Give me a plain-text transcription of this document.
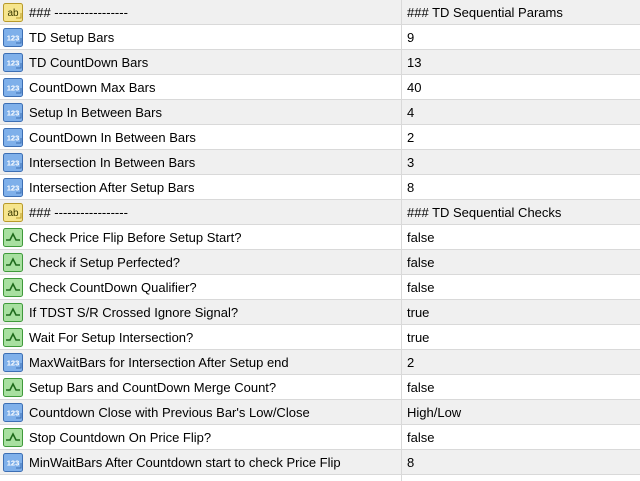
ab ### -----------------	### TD Sequential Params
123 TD Setup Bars	9
123 TD CountDown Bars	13
123 CountDown Max Bars	40
123 Setup In Between Bars	4
123 CountDown In Between Bars	2
123 Intersection In Between Bars	3
123 Intersection After Setup Bars	8
ab ### -----------------	### TD Sequential Checks
Check Price Flip Before Setup Start?	false
Check if Setup Perfected?	false
Check CountDown Qualifier?	false
If TDST S/R Crossed Ignore Signal?	true
Wait For Setup Intersection?	true
123 MaxWaitBars for Intersection After Setup end	2
Setup Bars and CountDown Merge Count?	false
123 Countdown Close with Previous Bar's Low/Close	High/Low
Stop Countdown On Price Flip?	false
123 MinWaitBars After Countdown start to check Price Flip	8
